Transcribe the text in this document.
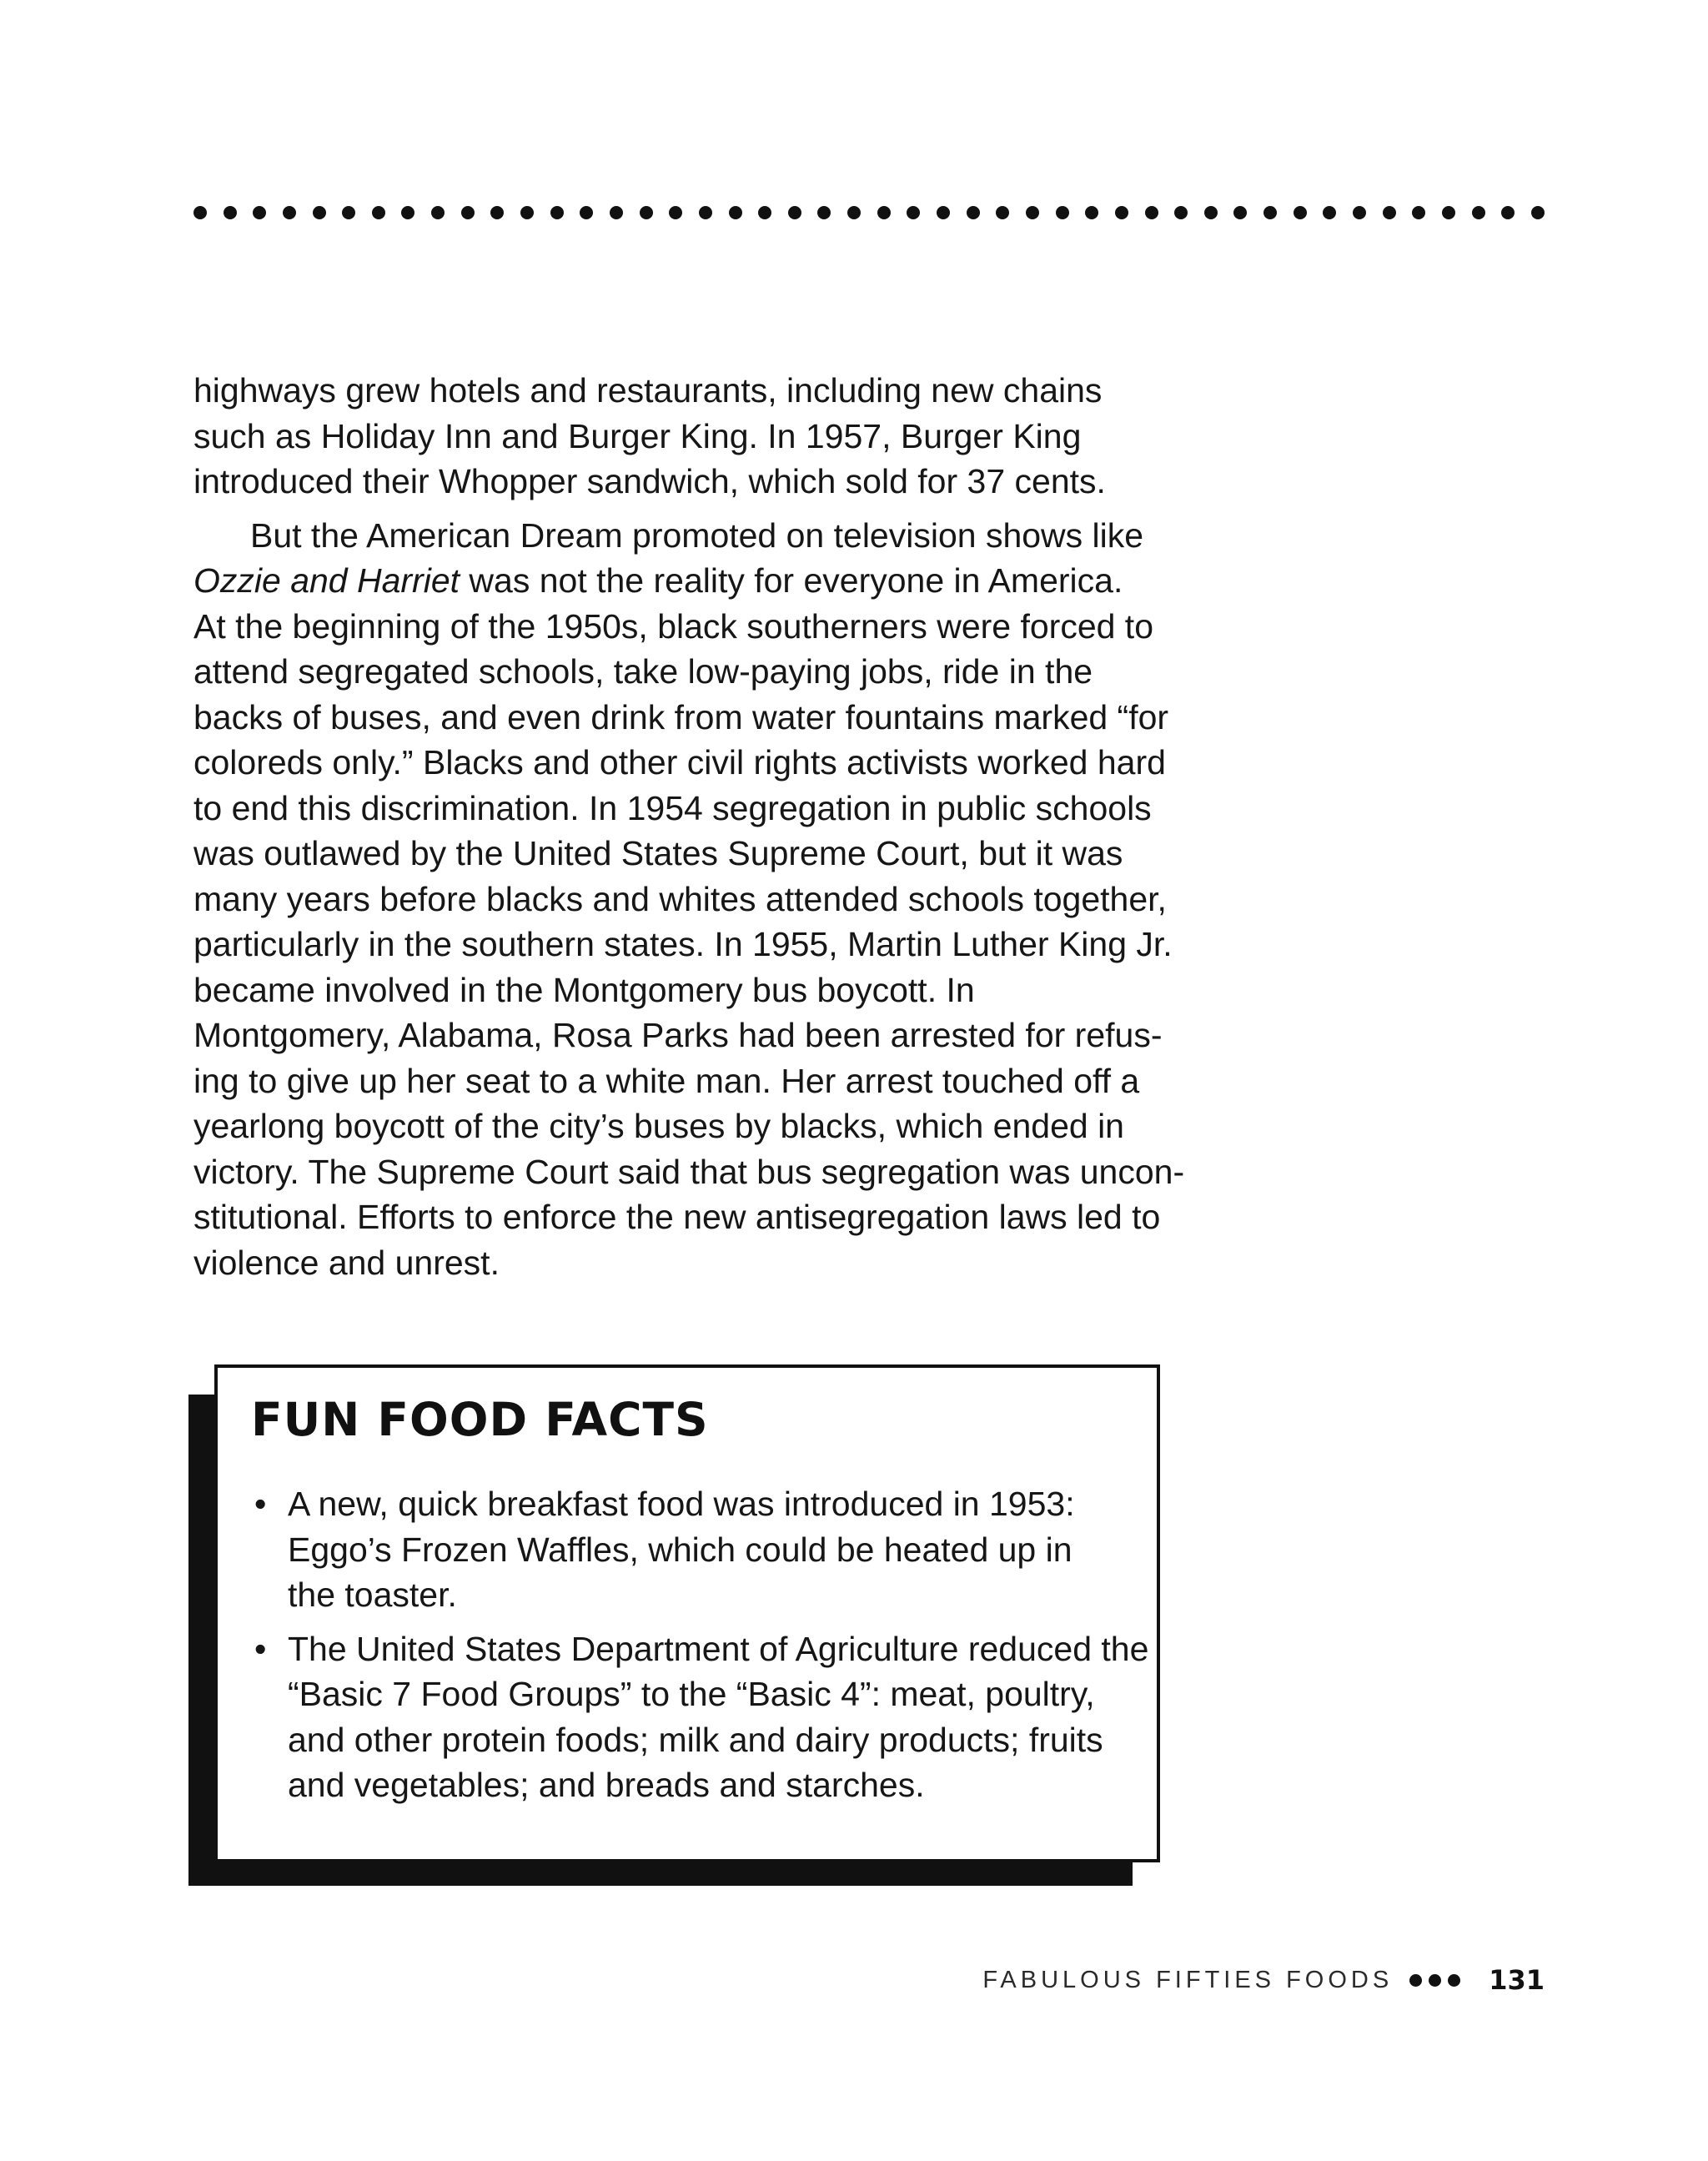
highways grew hotels and restaurants, including new chains
such as Holiday Inn and Burger King. In 1957, Burger King
introduced their Whopper sandwich, which sold for 37 cents.

But the American Dream promoted on television shows like
Ozzie and Harriet was not the reality for everyone in America.
At the beginning of the 1950s, black southerners were forced to
attend segregated schools, take low-paying jobs, ride in the
backs of buses, and even drink from water fountains marked “for
coloreds only.” Blacks and other civil rights activists worked hard
to end this discrimination. In 1954 segregation in public schools
was outlawed by the United States Supreme Court, but it was
many years before blacks and whites attended schools together,
particularly in the southern states. In 1955, Martin Luther King Jr.
became involved in the Montgomery bus boycott. In
Montgomery, Alabama, Rosa Parks had been arrested for refus-
ing to give up her seat to a white man. Her arrest touched off a
yearlong boycott of the city’s buses by blacks, which ended in
victory. The Supreme Court said that bus segregation was uncon-
stitutional. Efforts to enforce the new antisegregation laws led to
violence and unrest.

FUN FOOD FACTS
• A new, quick breakfast food was introduced in 1953:
Eggo’s Frozen Waffles, which could be heated up in
the toaster.
• The United States Department of Agriculture reduced the
“Basic 7 Food Groups” to the “Basic 4”: meat, poultry,
and other protein foods; milk and dairy products; fruits
and vegetables; and breads and starches.
FABULOUS FIFTIES FOODS	131
